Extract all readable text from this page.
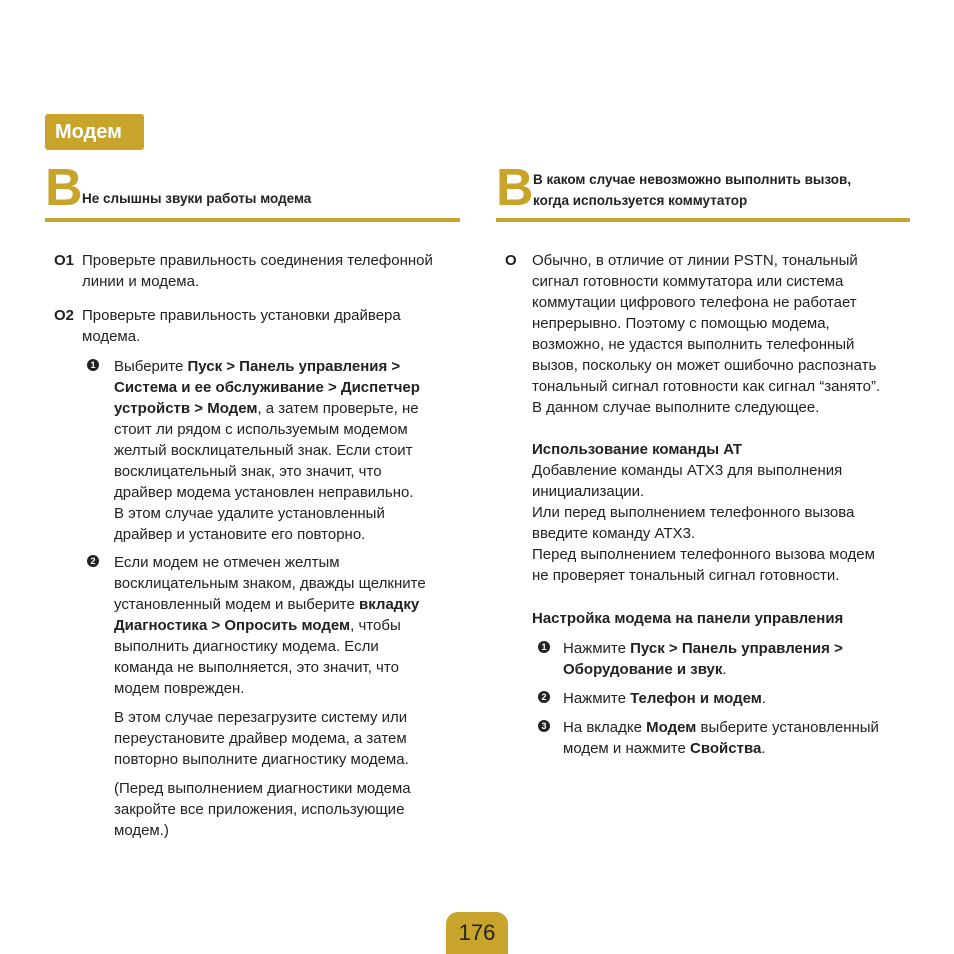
Модем
B Не слышны звуки работы модема
O1 Проверьте правильность соединения телефонной
линии и модема.
O2 Проверьте правильность установки драйвера
модема.
1 Выберите Пуск > Панель управления >
Система и ее обслуживание > Диспетчер
устройств > Модем, а затем проверьте, не
стоит ли рядом с используемым модемом
желтый восклицательный знак. Если стоит
восклицательный знак, это значит, что
драйвер модема установлен неправильно.
В этом случае удалите установленный
драйвер и установите его повторно.
2 Если модем не отмечен желтым
восклицательным знаком, дважды щелкните
установленный модем и выберите вкладку
Диагностика > Опросить модем, чтобы
выполнить диагностику модема. Если
команда не выполняется, это значит, что
модем поврежден.
В этом случае перезагрузите систему или
переустановите драйвер модема, а затем
повторно выполните диагностику модема.
(Перед выполнением диагностики модема
закройте все приложения, использующие
модем.)
B В каком случае невозможно выполнить вызов,
когда используется коммутатор
O Обычно, в отличие от линии PSTN, тональный
сигнал готовности коммутатора или система
коммутации цифрового телефона не работает
непрерывно. Поэтому с помощью модема,
возможно, не удастся выполнить телефонный
вызов, поскольку он может ошибочно распознать
тональный сигнал готовности как сигнал “занято”.
В данном случае выполните следующее.
Использование команды AT
Добавление команды ATX3 для выполнения
инициализации.
Или перед выполнением телефонного вызова
введите команду ATX3.
Перед выполнением телефонного вызова модем
не проверяет тональный сигнал готовности.
Настройка модема на панели управления
1 Нажмите Пуск > Панель управления >
Оборудование и звук.
2 Нажмите Телефон и модем.
3 На вкладке Модем выберите установленный
модем и нажмите Свойства.
176
